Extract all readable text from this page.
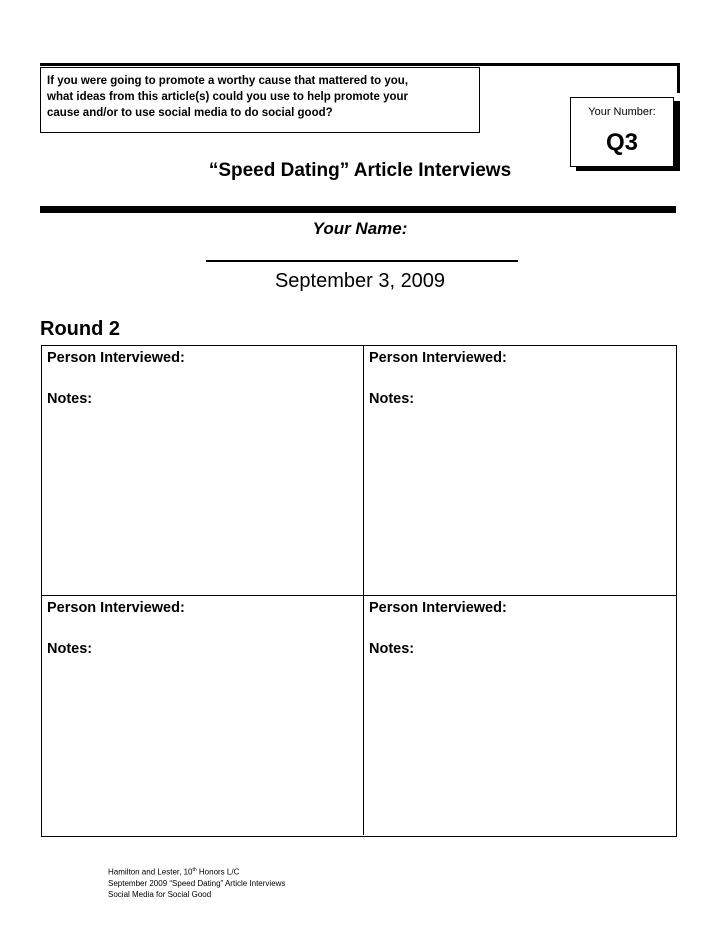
If you were going to promote a worthy cause that mattered to you,
what ideas from this article(s) could you use to help promote your
cause and/or to use social media to do social good?	Your Number:
Q3
“Speed Dating” Article Interviews
Your Name:
September 3, 2009
Round 2
Person Interviewed:
Notes:
Person Interviewed:
Notes:
Person Interviewed:
Notes:
Person Interviewed:
Notes:
Hamilton and Lester, 10th Honors L/C
September 2009 “Speed Dating” Article Interviews
Social Media for Social Good
